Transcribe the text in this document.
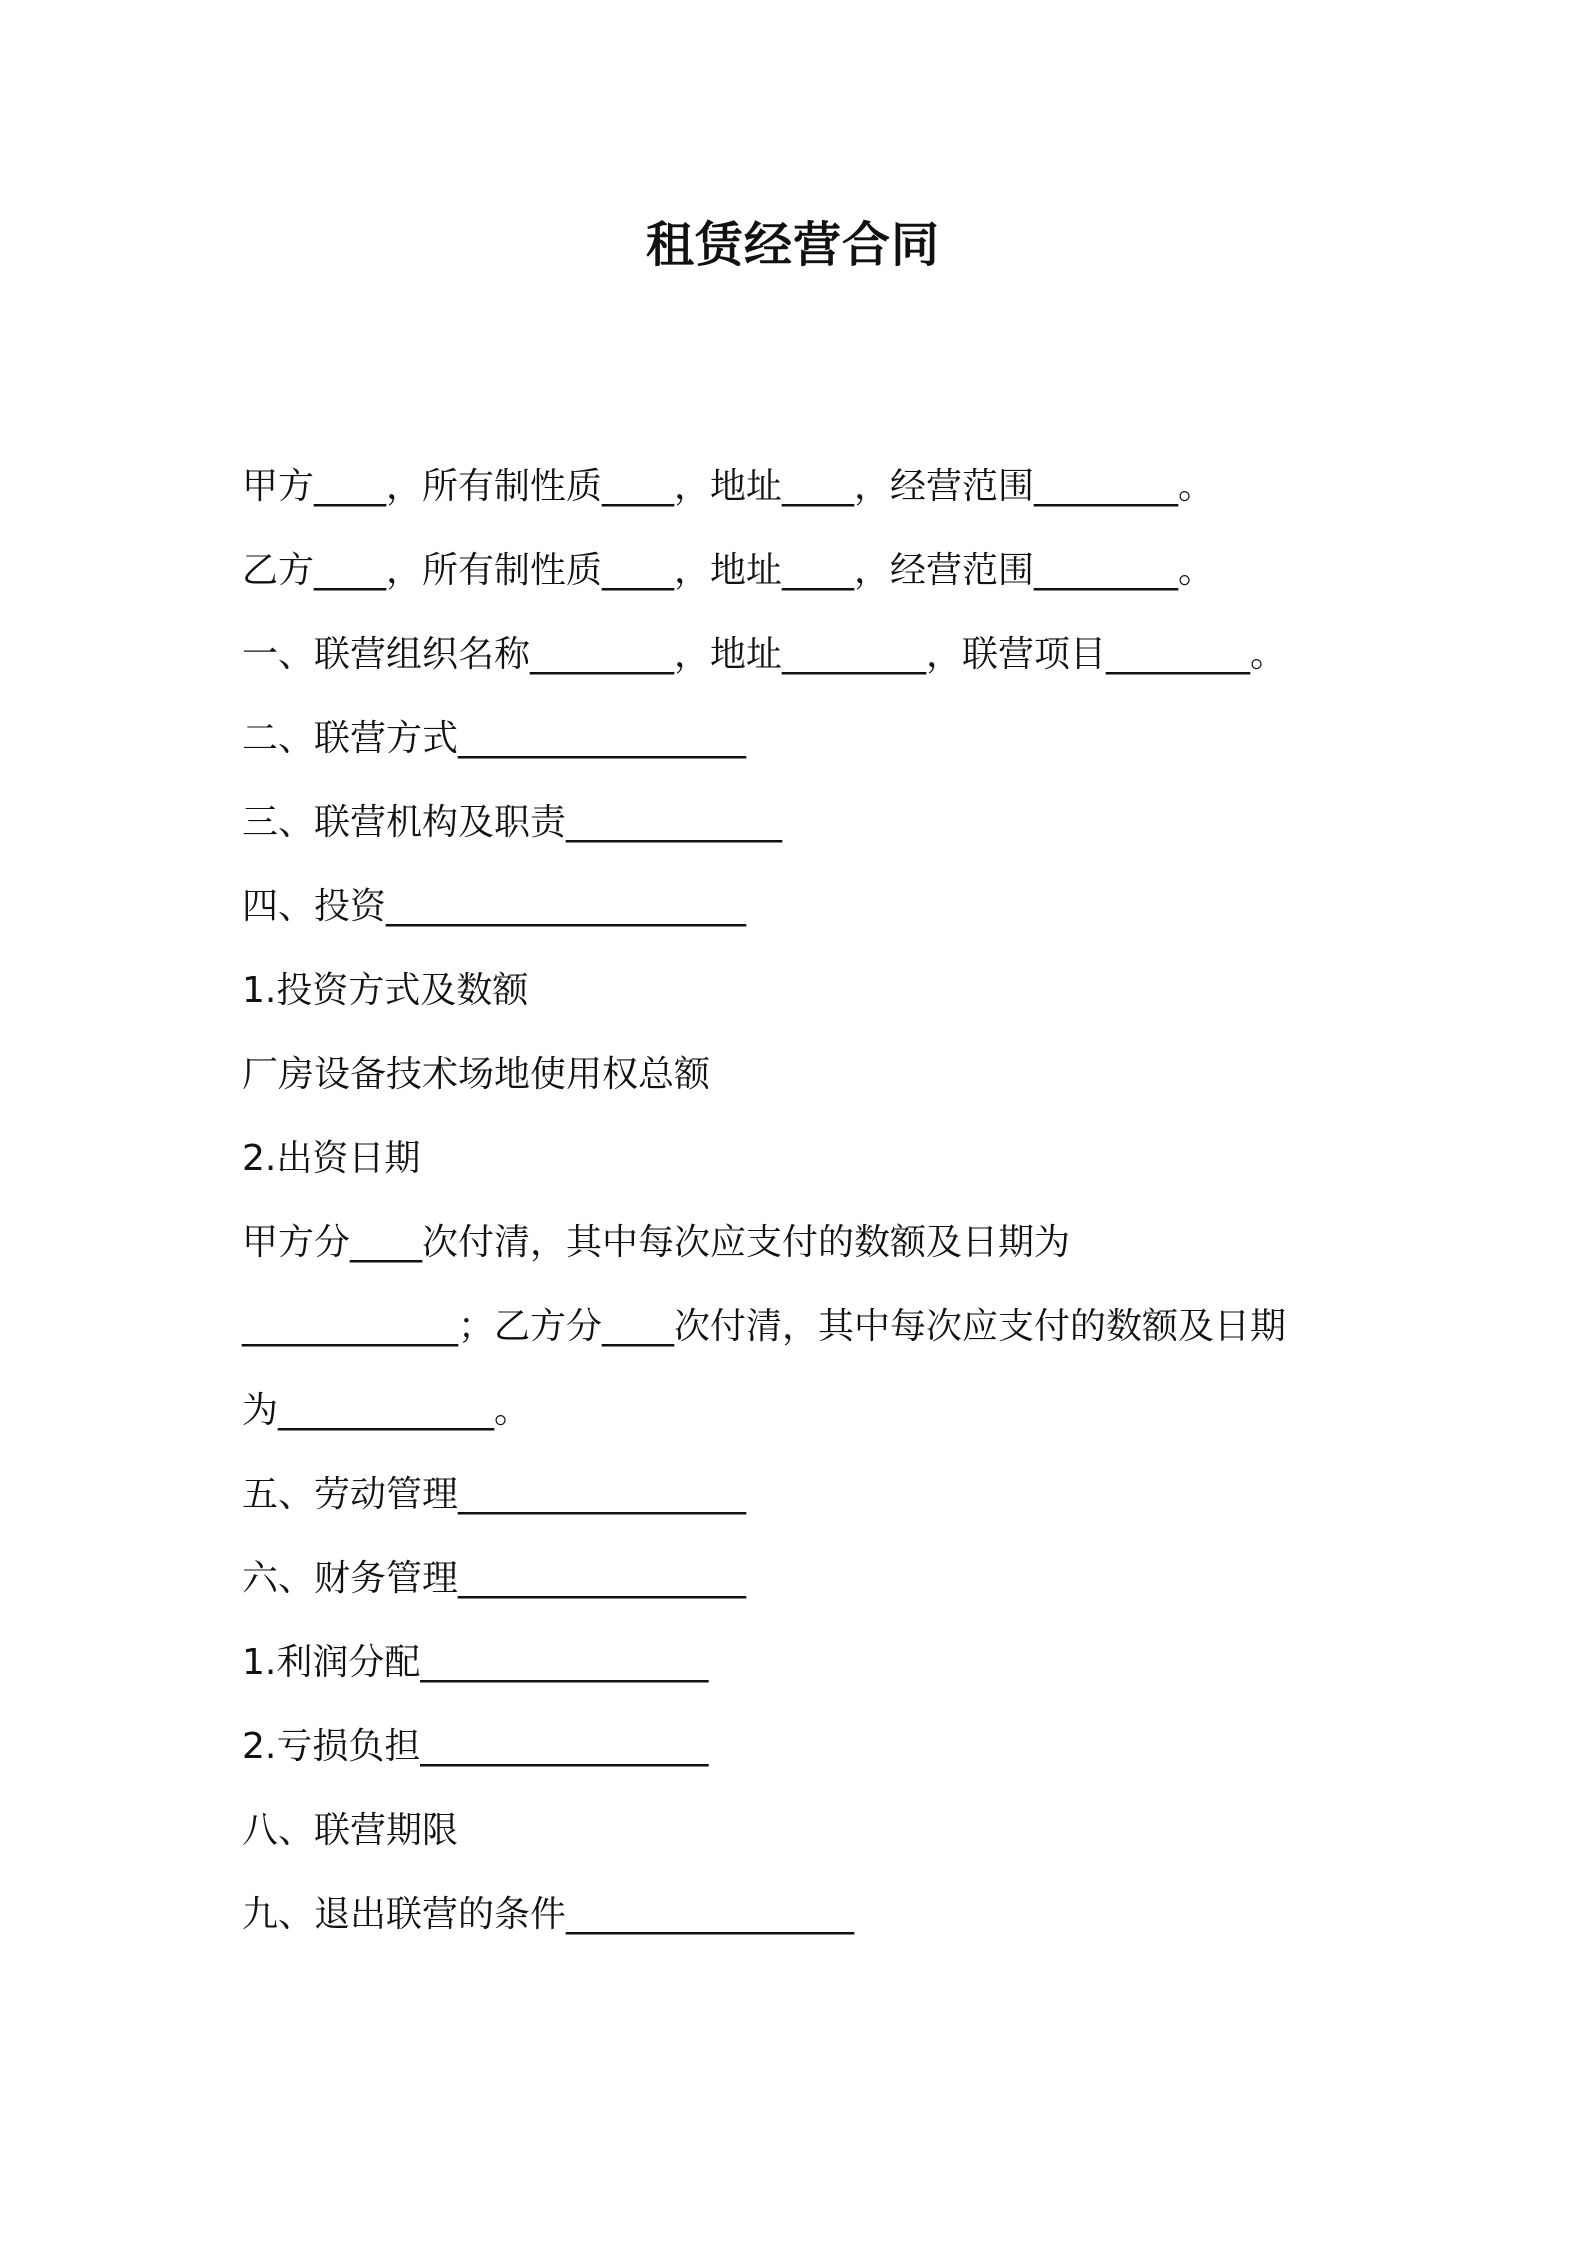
租赁经营合同
甲方____，所有制性质____，地址____，经营范围________。
乙方____，所有制性质____，地址____，经营范围________。
一、联营组织名称________，地址________，联营项目________。
二、联营方式________________
三、联营机构及职责____________
四、投资____________________
1.投资方式及数额
厂房设备技术场地使用权总额
2.出资日期
甲方分____次付清，其中每次应支付的数额及日期为
____________；乙方分____次付清，其中每次应支付的数额及日期
为____________。
五、劳动管理________________
六、财务管理________________
1.利润分配________________
2.亏损负担________________
八、联营期限
九、退出联营的条件________________
